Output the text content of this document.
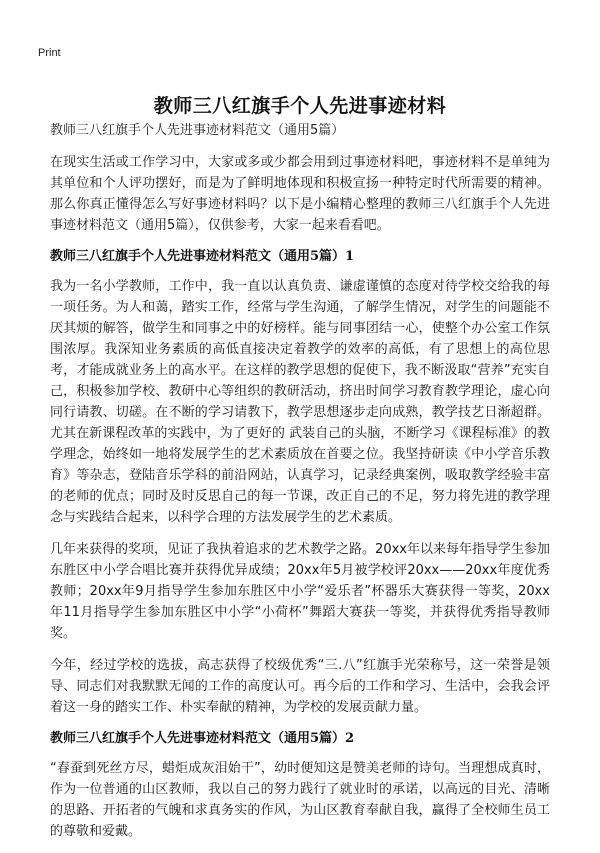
Print
教师三八红旗手个人先进事迹材料
教师三八红旗手个人先进事迹材料范文（通用5篇）

在现实生活或工作学习中，大家或多或少都会用到过事迹材料吧，事迹材料不是单纯为其单位和个人评功摆好，而是为了鲜明地体现和积极宣扬一种特定时代所需要的精神。那么你真正懂得怎么写好事迹材料吗？以下是小编精心整理的教师三八红旗手个人先进事迹材料范文（通用5篇），仅供参考，大家一起来看看吧。

教师三八红旗手个人先进事迹材料范文（通用5篇）1

我为一名小学教师，工作中，我一直以认真负责、谦虚谨慎的态度对待学校交给我的每一项任务。为人和蔼，踏实工作，经常与学生沟通，了解学生情况，对学生的问题能不厌其烦的解答，做学生和同事之中的好榜样。能与同事团结一心，使整个办公室工作氛围浓厚。我深知业务素质的高低直接决定着教学的效率的高低，有了思想上的高位思考，才能成就业务上的高水平。在这样的教学思想的促使下，我不断汲取“营养”充实自己，积极参加学校、教研中心等组织的教研活动，挤出时间学习教育教学理论，虚心向同行请教、切磋。在不断的学习请教下，教学思想逐步走向成熟，教学技艺日渐超群。尤其在新课程改革的实践中，为了更好的 武装自己的头脑，不断学习《课程标准》的教学理念，始终如一地将发展学生的艺术素质放在首要之位。我坚持研读《中小学音乐教育》等杂志，登陆音乐学科的前沿网站，认真学习，记录经典案例，吸取教学经验丰富的老师的优点；同时及时反思自己的每一节课，改正自己的不足，努力将先进的教学理念与实践结合起来，以科学合理的方法发展学生的艺术素质。

几年来获得的奖项，见证了我执着追求的艺术教学之路。20xx年以来每年指导学生参加东胜区中小学合唱比赛并获得优异成绩；20xx年5月被学校评20xx——20xx年度优秀教师；20xx年9月指导学生参加东胜区中小学“爱乐者”杯器乐大赛获得一等奖，20xx年11月指导学生参加东胜区中小学“小荷杯”舞蹈大赛获一等奖，并获得优秀指导教师奖。

今年，经过学校的选拔，高志获得了校级优秀“三.八”红旗手光荣称号，这一荣誉是领导、同志们对我默默无闻的工作的高度认可。再今后的工作和学习、生活中，会我会评着这一身的踏实工作、朴实奉献的精神，为学校的发展贡献力量。

教师三八红旗手个人先进事迹材料范文（通用5篇）2

“春蚕到死丝方尽，蜡炬成灰泪始干”，幼时便知这是赞美老师的诗句。当理想成真时，作为一位普通的山区教师，我以自己的努力践行了就业时的承诺，以高远的目光、清晰的思路、开拓者的气魄和求真务实的作风，为山区教育奉献自我，赢得了全校师生员工的尊敬和爱戴。
